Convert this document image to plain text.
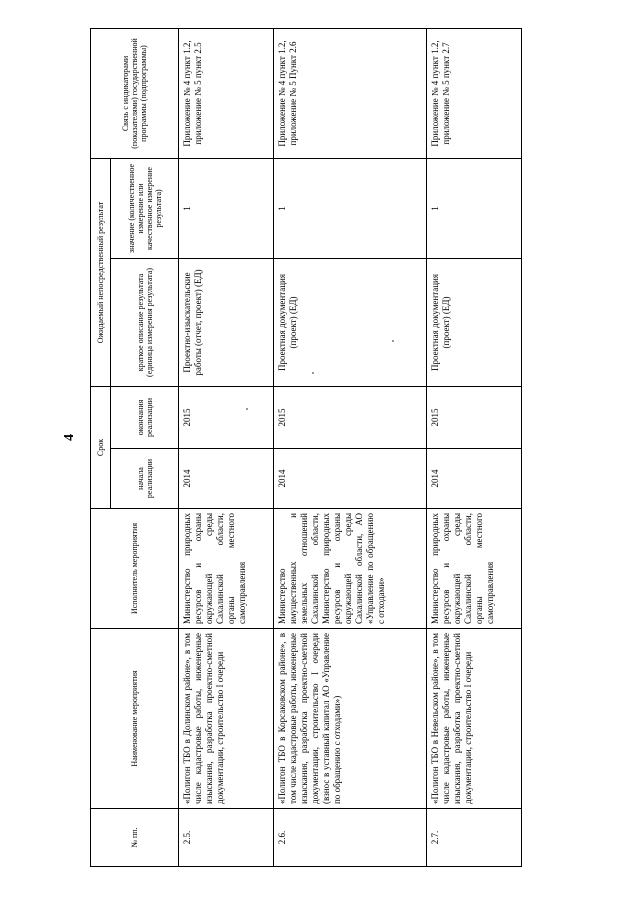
4
№ пп.	Наименование мероприятия	Исполнитель мероприятия	Срок		Ожидаемый непосредственный результат		Связь с индикаторами (показателями) государственной программы (подпрограммы)
			начала реализации	окончания реализации	краткое описание результата (единица измерения результата)	значение (количественное измерение или качественное измерение результата)	
2.5.	«Полигон ТБО в Долинском районе», в том числе кадастровые работы, инженерные изыскания, разработка проектно-сметной документации, строительство I очереди	Министерство природных ресурсов и охраны окружающей среды Сахалинской области, органы местного самоуправления	2014	2015	Проектно-изыскательские работы (отчет, проект) (ЕД)	1	Приложение № 4 пункт 1.2, приложение № 5 пункт 2.5
2.6.	«Полигон ТБО в Корсаковском районе», в том числе кадастровые работы, инженерные изыскания, разработка проектно-сметной документации, строительство I очереди (взнос в уставный капитал АО «Управление по обращению с отходами»)	Министерство имущественных и земельных отношений Сахалинской области, Министерство природных ресурсов и охраны окружающей среды Сахалинской области, АО «Управление по обращению с отходами»	2014	2015	Проектная документация (проект) (ЕД)	1	Приложение № 4 пункт 1.2, приложение № 5 Пункт 2.6
2.7.	«Полигон ТБО в Невельском районе», в том числе кадастровые работы, инженерные изыскания, разработка проектно-сметной документации, строительство I очереди	Министерство природных ресурсов и охраны окружающей среды Сахалинской области, органы местного самоуправления	2014	2015	Проектная документация (проект) (ЕД)	1	Приложение № 4 пункт 1.2, приложение № 5 пункт 2.7
